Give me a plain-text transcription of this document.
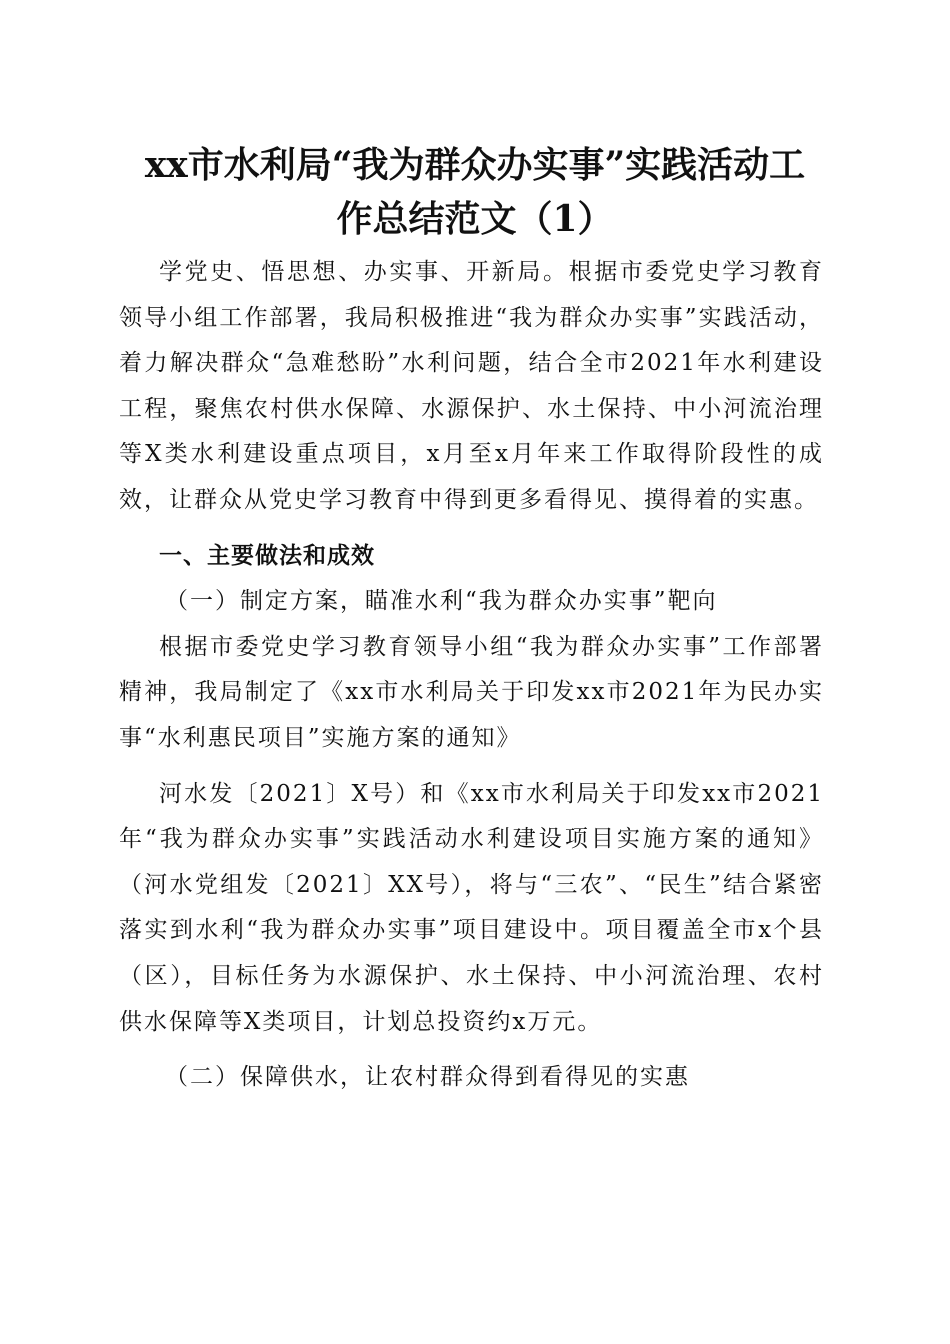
xx市水利局“我为群众办实事”实践活动工
作总结范文（1）

学党史、悟思想、办实事、开新局。根据市委党史学习教育领导小组工作部署，我局积极推进“我为群众办实事”实践活动，着力解决群众“急难愁盼”水利问题，结合全市2021年水利建设工程，聚焦农村供水保障、水源保护、水土保持、中小河流治理等X类水利建设重点项目，x月至x月年来工作取得阶段性的成效，让群众从党史学习教育中得到更多看得见、摸得着的实惠。

一、主要做法和成效

（一）制定方案，瞄准水利“我为群众办实事”靶向

根据市委党史学习教育领导小组“我为群众办实事”工作部署精神，我局制定了《xx市水利局关于印发xx市2021年为民办实事“水利惠民项目”实施方案的通知》

河水发〔2021〕X号）和《xx市水利局关于印发xx市2021年“我为群众办实事”实践活动水利建设项目实施方案的通知》（河水党组发〔2021〕XX号），将与“三农”、“民生”结合紧密落实到水利“我为群众办实事”项目建设中。项目覆盖全市x个县（区），目标任务为水源保护、水土保持、中小河流治理、农村供水保障等X类项目，计划总投资约x万元。

（二）保障供水，让农村群众得到看得见的实惠
